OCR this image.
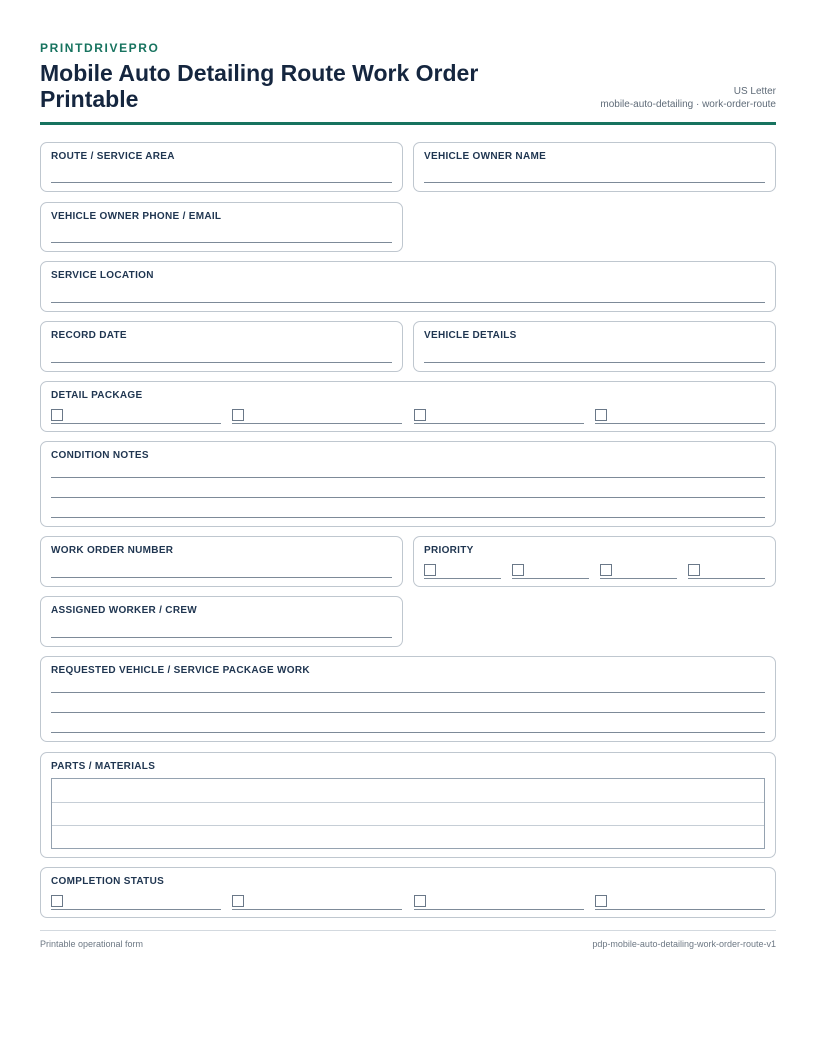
PRINTDRIVEPRO
Mobile Auto Detailing Route Work Order Printable	US Letter
mobile-auto-detailing · work-order-route
ROUTE / SERVICE AREA	VEHICLE OWNER NAME
VEHICLE OWNER PHONE / EMAIL
SERVICE LOCATION
RECORD DATE	VEHICLE DETAILS
DETAIL PACKAGE
CONDITION NOTES
WORK ORDER NUMBER	PRIORITY
ASSIGNED WORKER / CREW
REQUESTED VEHICLE / SERVICE PACKAGE WORK
PARTS / MATERIALS
COMPLETION STATUS
Printable operational form	pdp-mobile-auto-detailing-work-order-route-v1
